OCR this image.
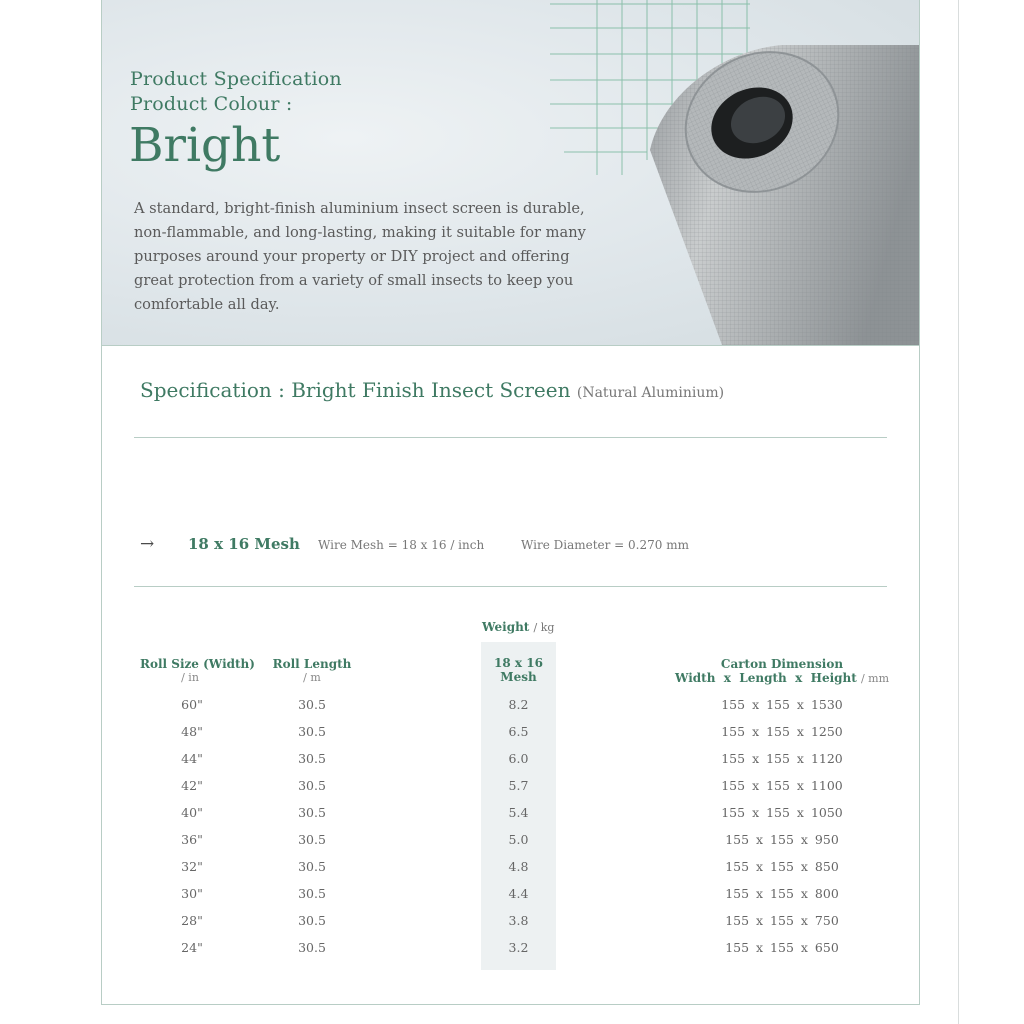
Product Specification
Product Colour :
Bright
A standard, bright-finish aluminium insect screen is durable, non-flammable, and long-lasting, making it suitable for many purposes around your property or DIY project and offering great protection from a variety of small insects to keep you comfortable all day.
Specification : Bright Finish Insect Screen (Natural Aluminium)
→ 18 x 16 Mesh Wire Mesh = 18 x 16 / inch	Wire Diameter = 0.270 mm
Weight / kg
Roll Size (Width)
/ in
Roll Length
/ m
18 x 16
Mesh
Carton Dimension
Width  x  Length  x  Height / mm
60"	30.5	8.2	155 x 155 x 1530
48"	30.5	6.5	155 x 155 x 1250
44"	30.5	6.0	155 x 155 x 1120
42"	30.5	5.7	155 x 155 x 1100
40"	30.5	5.4	155 x 155 x 1050
36"	30.5	5.0	155 x 155 x 950
32"	30.5	4.8	155 x 155 x 850
30"	30.5	4.4	155 x 155 x 800
28"	30.5	3.8	155 x 155 x 750
24"	30.5	3.2	155 x 155 x 650
